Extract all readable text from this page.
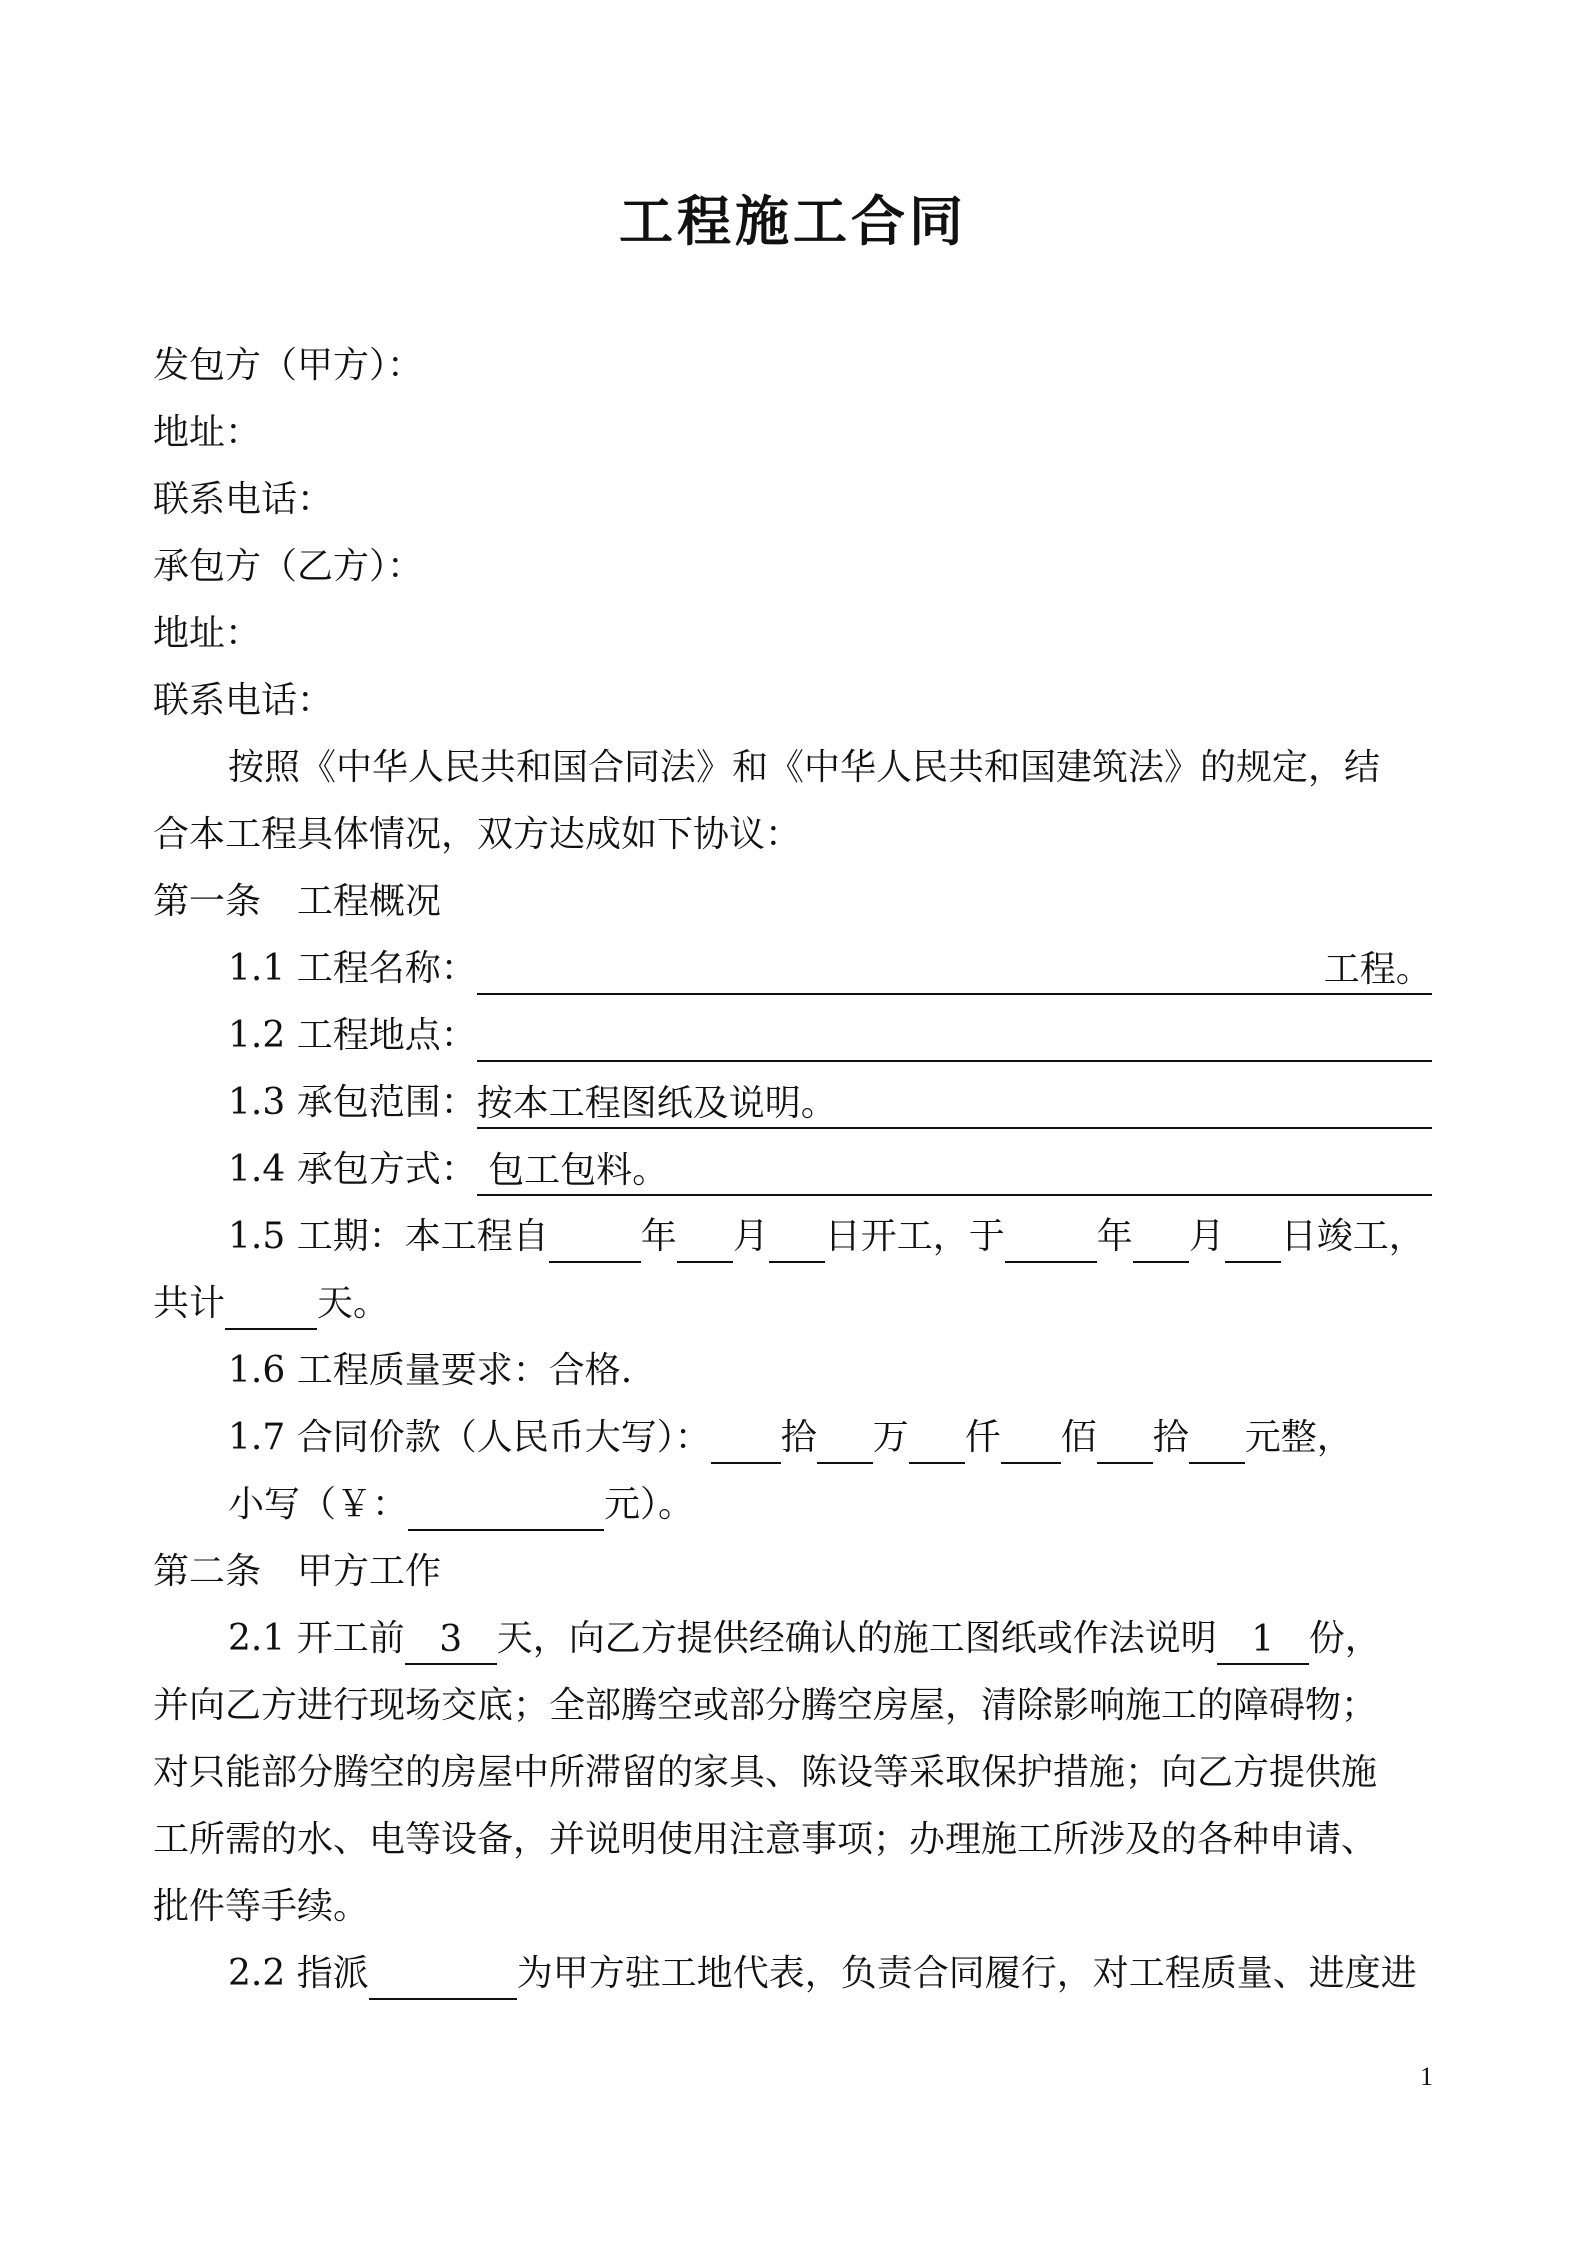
工程施工合同
发包方（甲方）：
地址：
联系电话：
承包方（乙方）：
地址：
联系电话：
按照《中华人民共和国合同法》和《中华人民共和国建筑法》的规定，结
合本工程具体情况，双方达成如下协议：
第一条　工程概况
1.1 工程名称：	工程。
1.2 工程地点：
1.3 承包范围：按本工程图纸及说明。
1.4 承包方式： 包工包料。
1.5 工期：本工程自	年 月 日开工，于	年 月 日竣工，
共计	天。
1.6 工程质量要求：合格.
1.7 合同价款（人民币大写）： 拾 万 仟 佰 拾 元整，
小写（￥：	元）。
第二条　甲方工作
2.1 开工前 3 天，向乙方提供经确认的施工图纸或作法说明 1 份，
并向乙方进行现场交底；全部腾空或部分腾空房屋，清除影响施工的障碍物；
对只能部分腾空的房屋中所滞留的家具、陈设等采取保护措施；向乙方提供施
工所需的水、电等设备，并说明使用注意事项；办理施工所涉及的各种申请、
批件等手续。
2.2 指派	为甲方驻工地代表，负责合同履行，对工程质量、进度进
1
